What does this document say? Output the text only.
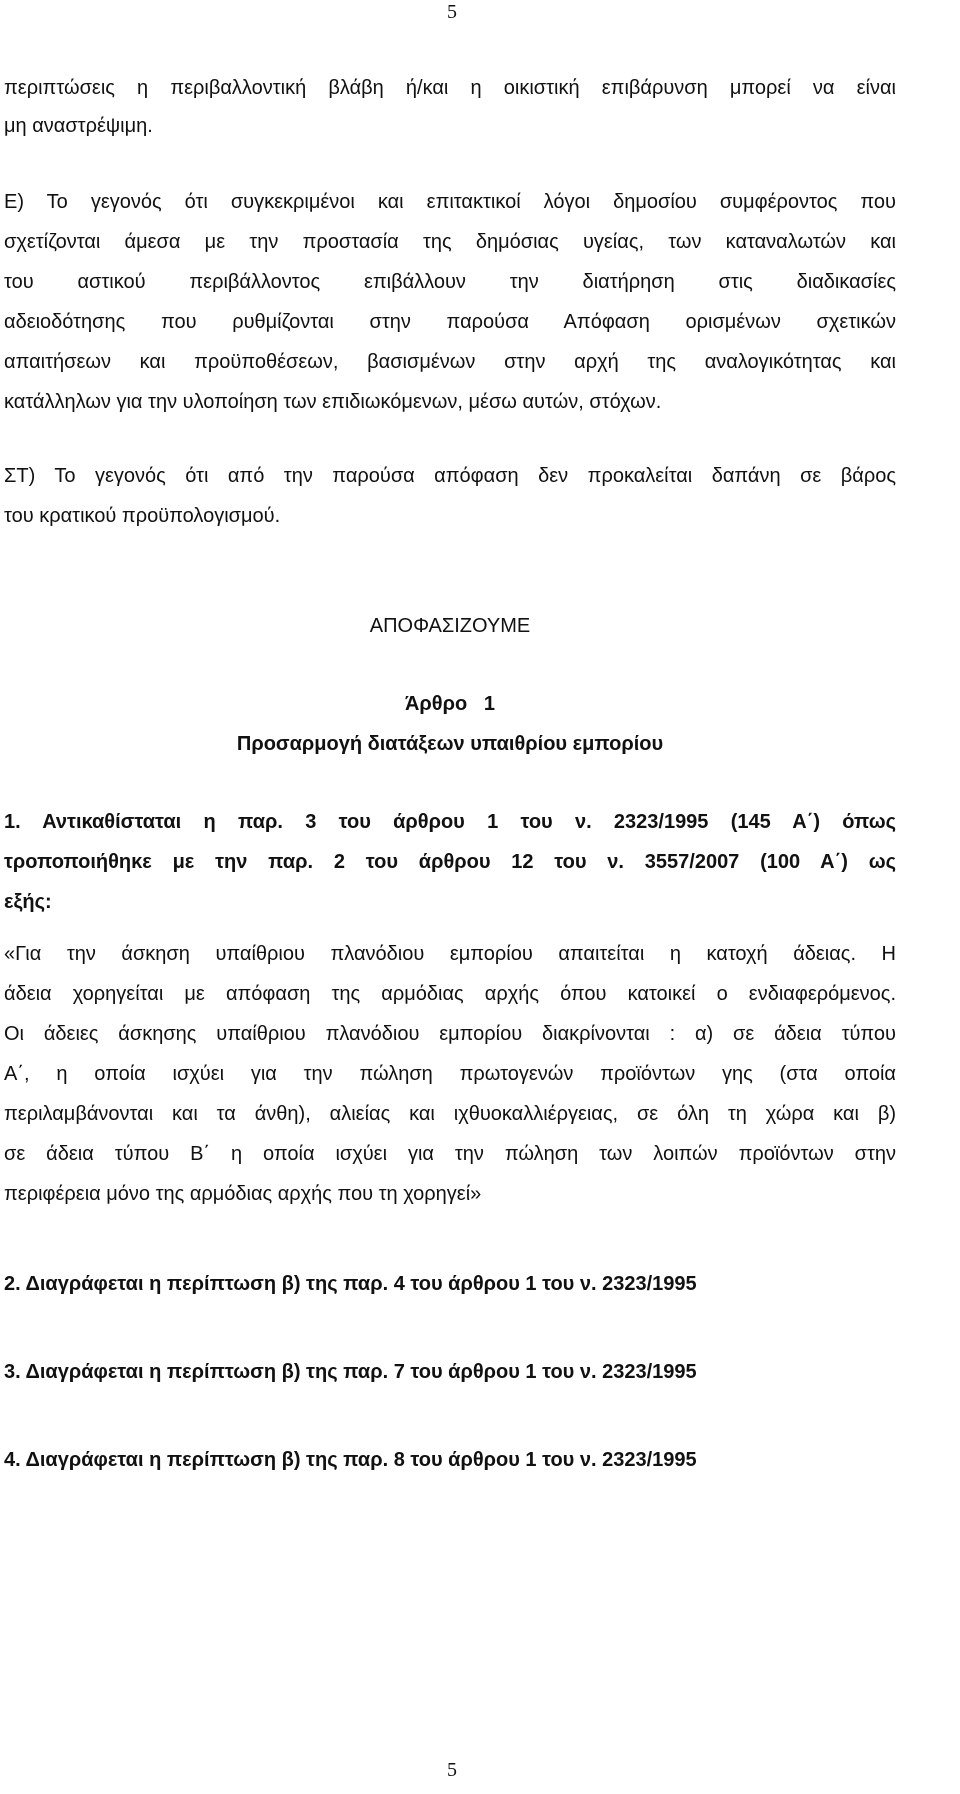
5
περιπτώσεις η περιβαλλοντική βλάβη ή/και η οικιστική επιβάρυνση μπορεί να είναι
μη αναστρέψιμη.
Ε) Το γεγονός ότι συγκεκριμένοι και επιτακτικοί λόγοι δημοσίου συμφέροντος που
σχετίζονται άμεσα με την προστασία της δημόσιας υγείας, των καταναλωτών και
του αστικού περιβάλλοντος επιβάλλουν την διατήρηση στις διαδικασίες
αδειοδότησης που ρυθμίζονται στην παρούσα Απόφαση ορισμένων σχετικών
απαιτήσεων και προϋποθέσεων, βασισμένων στην αρχή της αναλογικότητας και
κατάλληλων για την υλοποίηση των επιδιωκόμενων, μέσω αυτών, στόχων.
ΣΤ) Το γεγονός ότι από την παρούσα απόφαση δεν προκαλείται δαπάνη σε βάρος
του κρατικού προϋπολογισμού.
ΑΠΟΦΑΣΙΖΟΥΜΕ
Άρθρο   1
Προσαρμογή διατάξεων υπαιθρίου εμπορίου
1. Αντικαθίσταται η παρ. 3 του άρθρου 1 του ν. 2323/1995 (145 Α΄) όπως
τροποποιήθηκε με την παρ. 2 του άρθρου 12 του ν. 3557/2007 (100 Α΄) ως
εξής:
«Για την άσκηση υπαίθριου πλανόδιου εμπορίου απαιτείται η κατοχή άδειας. Η
άδεια χορηγείται με απόφαση της αρμόδιας αρχής όπου κατοικεί ο ενδιαφερόμενος.
Οι άδειες άσκησης υπαίθριου πλανόδιου εμπορίου διακρίνονται : α) σε άδεια τύπου
Α΄, η οποία ισχύει για την πώληση πρωτογενών προϊόντων γης (στα οποία
περιλαμβάνονται και τα άνθη), αλιείας και ιχθυοκαλλιέργειας, σε όλη τη χώρα και β)
σε άδεια τύπου Β΄ η οποία ισχύει για την πώληση των λοιπών προϊόντων στην
περιφέρεια μόνο της αρμόδιας αρχής που τη χορηγεί»
2. Διαγράφεται η περίπτωση β) της παρ. 4 του άρθρου 1 του ν. 2323/1995
3. Διαγράφεται η περίπτωση β) της παρ. 7 του άρθρου 1 του ν. 2323/1995
4. Διαγράφεται η περίπτωση β) της παρ. 8 του άρθρου 1 του ν. 2323/1995
5
